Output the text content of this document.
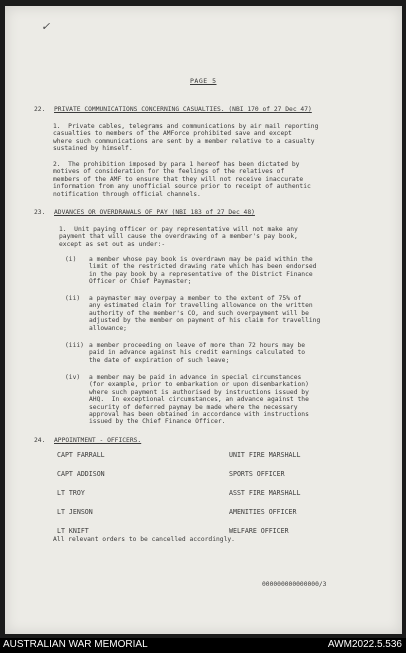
✓
PAGE 5
22. PRIVATE COMMUNICATIONS CONCERNING CASUALTIES. (NBI 170 of 27 Dec 47)
1.  Private cables, telegrams and communications by air mail reporting
casualties to members of the AMForce prohibited save and except
where such communications are sent by a member relative to a casualty
sustained by himself.
2.  The prohibition imposed by para 1 hereof has been dictated by
motives of consideration for the feelings of the relatives of
members of the AMF to ensure that they will not receive inaccurate
information from any unofficial source prior to receipt of authentic
notification through official channels.
23. ADVANCES OR OVERDRAWALS OF PAY (NBI 183 of 27 Dec 48)
1.  Unit paying officer or pay representative will not make any
payment that will cause the overdrawing of a member's pay book,
except as set out as under:-
(i) a member whose pay book is overdrawn may be paid within the
limit of the restricted drawing rate which has been endorsed
in the pay book by a representative of the District Finance
Officer or Chief Paymaster;
(ii) a paymaster may overpay a member to the extent of 75% of
any estimated claim for travelling allowance on the written
authority of the member's CO, and such overpayment will be
adjusted by the member on payment of his claim for travelling
allowance;
(iii) a member proceeding on leave of more than 72 hours may be
paid in advance against his credit earnings calculated to
the date of expiration of such leave;
(iv) a member may be paid in advance in special circumstances
(for example, prior to embarkation or upon disembarkation)
where such payment is authorised by instructions issued by
AHQ.  In exceptional circumstances, an advance against the
security of deferred paymay be made where the necessary
approval has been obtained in accordance with instructions
issued by the Chief Finance Officer.
24. APPOINTMENT - OFFICERS.
CAPT FARRALL	UNIT FIRE MARSHALL
CAPT ADDISON	SPORTS OFFICER
LT TROY	ASST FIRE MARSHALL
LT JENSON	AMENITIES OFFICER
LT KNIFT	WELFARE OFFICER
All relevant orders to be cancelled accordingly.
000000000000000/3
AUSTRALIAN WAR MEMORIAL	AWM2022.5.536
